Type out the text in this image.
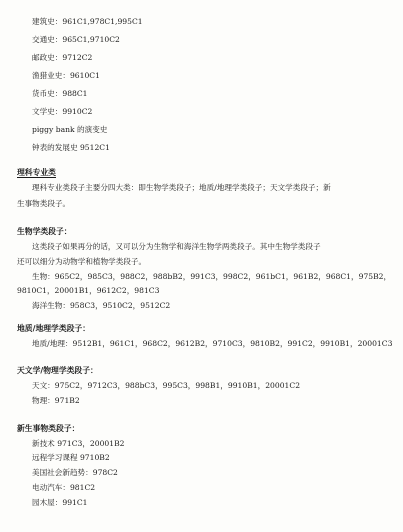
建筑史：961C1,978C1,995C1
交通史：965C1,9710C2
邮政史：9712C2
渔猎业史：9610C1
货币史：988C1
文学史：9910C2
piggy bank 的演变史
钟表的发展史 9512C1
理科专业类
理科专业类段子主要分四大类：即生物学类段子；地质/地理学类段子；天文学类段子；新
生事物类段子。
生物学类段子：
这类段子如果再分的话，又可以分为生物学和海洋生物学两类段子。其中生物学类段子
还可以细分为动物学和植物学类段子。
生物：965C2，985C3，988C2，988bB2，991C3，998C2，961bC1，961B2，968C1，975B2，
9810C1，20001B1，9612C2，981C3
海洋生物：958C3，9510C2，9512C2
地质/地理学类段子：
地质/地理：9512B1，961C1，968C2，9612B2，9710C3，9810B2，991C2，9910B1，20001C3
天文学/物理学类段子：
天文：975C2，9712C3，988bC3，995C3，998B1，9910B1，20001C2
物理：971B2
新生事物类段子：
新技术 971C3，20001B2
远程学习课程 9710B2
美国社会新趋势：978C2
电动汽车：981C2
园木屋：991C1
